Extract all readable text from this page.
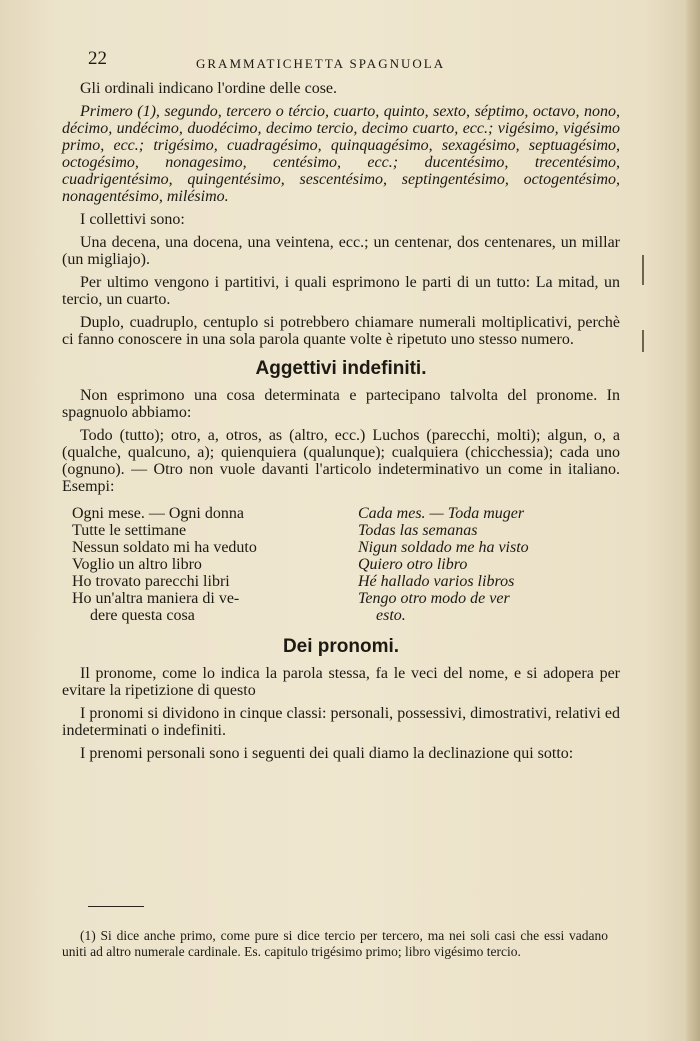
22	GRAMMATICHETTA SPAGNUOLA

Gli ordinali indicano l'ordine delle cose.

Primero (1), segundo, tercero o tércio, cuarto, quinto, sexto, séptimo, octavo, nono, décimo, undécimo, duodécimo, decimo tercio, decimo cuarto, ecc.; vigésimo, vigésimo primo, ecc.; trigésimo, cuadragésimo, quinquagésimo, sexagésimo, septuagésimo, octogésimo, nonagesimo, centésimo, ecc.; ducentésimo, trecentésimo, cuadrigentésimo, quingentésimo, sescentésimo, septingentésimo, octogentésimo, nonagentésimo, milésimo.

I collettivi sono:

Una decena, una docena, una veintena, ecc.; un centenar, dos centenares, un millar (un migliajo).

Per ultimo vengono i partitivi, i quali esprimono le parti di un tutto: La mitad, un tercio, un cuarto.

Duplo, cuadruplo, centuplo si potrebbero chiamare numerali moltiplicativi, perchè ci fanno conoscere in una sola parola quante volte è ripetuto uno stesso numero.

Aggettivi indefiniti.

Non esprimono una cosa determinata e partecipano talvolta del pronome. In spagnuolo abbiamo:

Todo (tutto); otro, a, otros, as (altro, ecc.) Luchos (parecchi, molti); algun, o, a (qualche, qualcuno, a); quienquiera (qualunque); cualquiera (chicchessia); cada uno (ognuno). — Otro non vuole davanti l'articolo indeterminativo un come in italiano. Esempi:

Ogni mese. — Ogni donna
Tutte le settimane
Nessun soldato mi ha veduto
Voglio un altro libro
Ho trovato parecchi libri
Ho un'altra maniera di ve-
dere questa cosa
Cada mes. — Toda muger
Todas las semanas
Nigun soldado me ha visto
Quiero otro libro
Hé hallado varios libros
Tengo otro modo de ver
esto.
Dei pronomi.

Il pronome, come lo indica la parola stessa, fa le veci del nome, e si adopera per evitare la ripetizione di questo

I pronomi si dividono in cinque classi: personali, possessivi, dimostrativi, relativi ed indeterminati o indefiniti.

I prenomi personali sono i seguenti dei quali diamo la declinazione qui sotto:

(1) Si dice anche primo, come pure si dice tercio per tercero, ma nei soli casi che essi vadano uniti ad altro numerale cardinale. Es. capitulo trigésimo primo; libro vigésimo tercio.
